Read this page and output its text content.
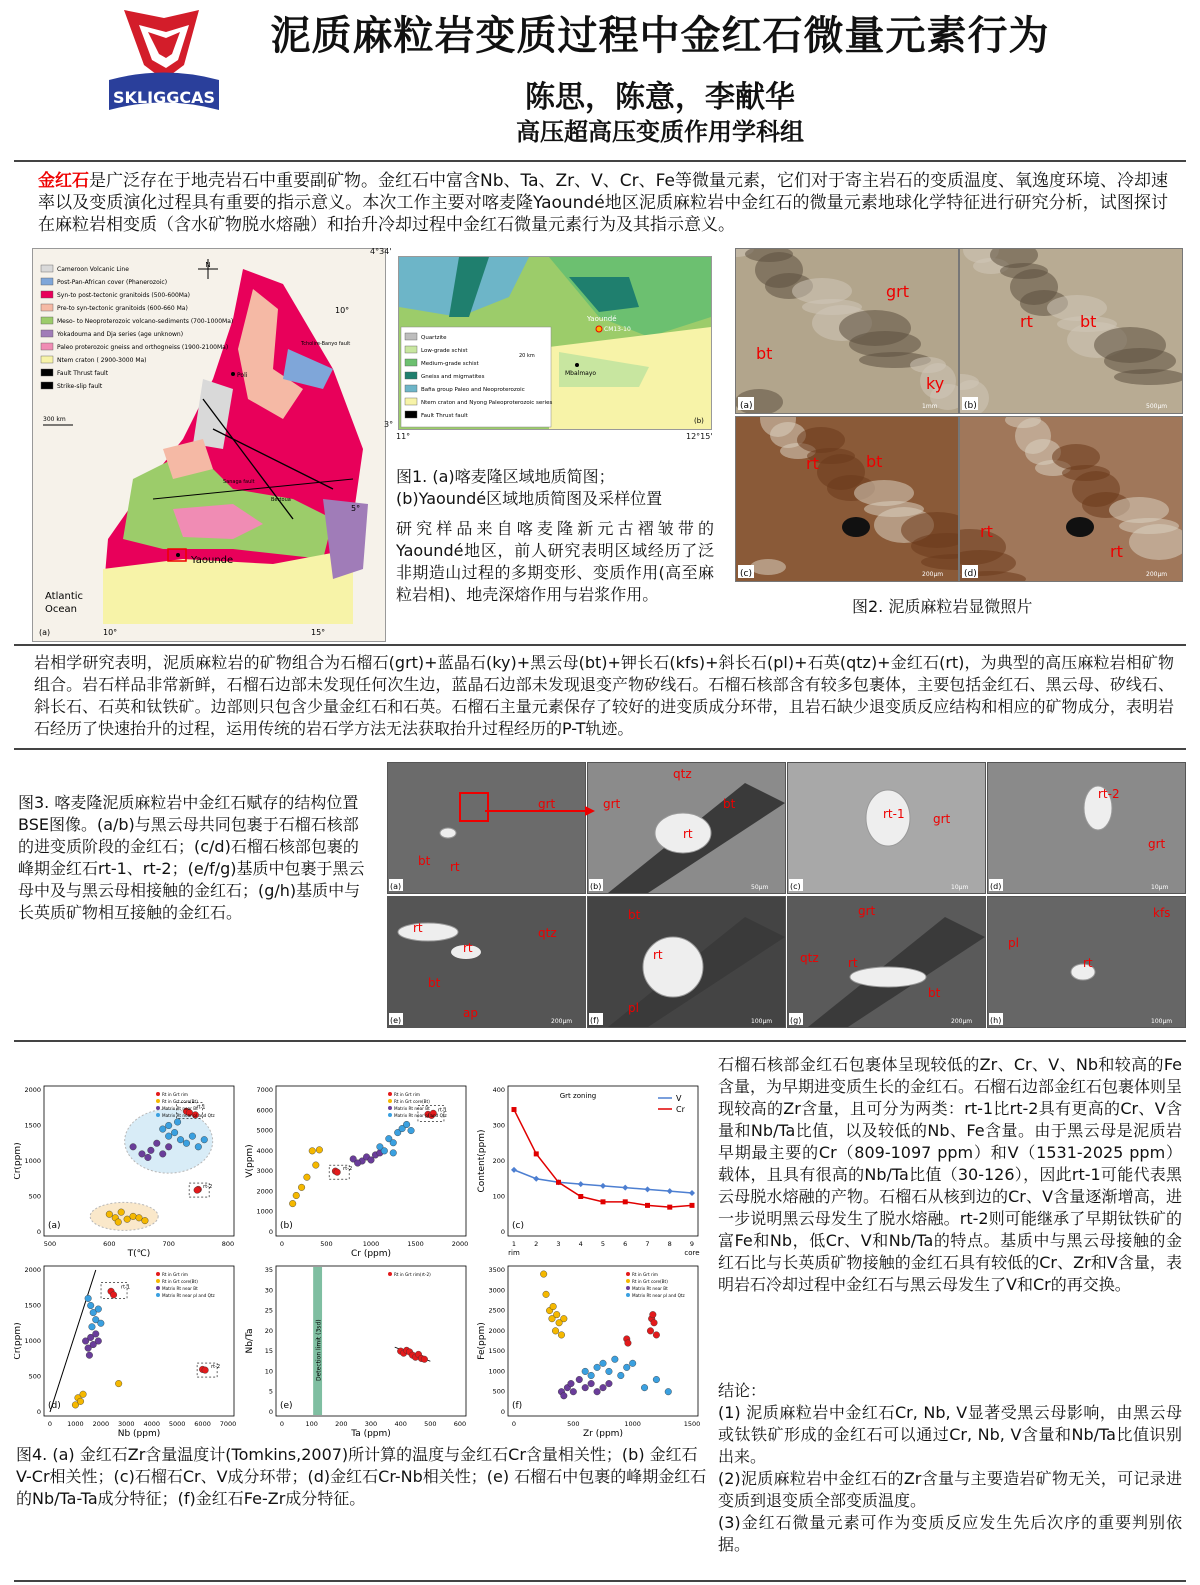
SKLIGGCAS
泥质麻粒岩变质过程中金红石微量元素行为
陈思，陈意，李献华
高压超高压变质作用学科组
金红石是广泛存在于地壳岩石中重要副矿物。金红石中富含Nb、Ta、Zr、V、Cr、Fe等微量元素，它们对于寄主岩石的变质温度、氧逸度环境、冷却速率以及变质演化过程具有重要的指示意义。本次工作主要对喀麦隆Yaoundé地区泥质麻粒岩中金红石的微量元素地球化学特征进行研究分析，试图探讨在麻粒岩相变质（含水矿物脱水熔融）和抬升冷却过程中金红石微量元素行为及其指示意义。
Cameroon Volcanic Line
Post-Pan-African cover (Phanerozoic)
Syn-to post-tectonic granitoids (500-600Ma)
Pre-to syn-tectonic granitoids (600-660 Ma)
Meso- to Neoproterozoic volcano-sediments (700-1000Ma)
Yokadouma and Dja series (age unknown)
Paleo proterozoic gneiss and orthogneiss (1900-2100Ma)
Ntem craton ( 2900-3000 Ma)
Fault Thrust fault
Strike-slip fault
N
10°
5°
10°	15°
Yaounde
Atlantic
Ocean
Poli
Tcholire-Banyo fault
Sanaga fault
Bertoua
300 km
(a)
Yaoundé
CM13-10
Mbalmayo
Quartzite
Low-grade schist
Medium-grade schist
Gneiss and migmatites
Bafia group Paleo and Neoproterozoic
Ntem craton and Nyong Paleoproterozoic series
Fault Thrust fault
20 km
(b)
4°34'
3°
11°	12°15'
图1. (a)喀麦隆区域地质简图；
(b)Yaoundé区域地质简图及采样位置
研究样品来自喀麦隆新元古褶皱带的Yaoundé地区，前人研究表明区域经历了泛非期造山过程的多期变形、变质作用(高至麻粒岩相)、地壳深熔作用与岩浆作用。
grt
bt
ky
(a)	1mm
rt	bt
(b)	500μm
rt	bt
(c)	200μm
rt
rt
(d)	200μm
图2. 泥质麻粒岩显微照片
岩相学研究表明，泥质麻粒岩的矿物组合为石榴石(grt)+蓝晶石(ky)+黑云母(bt)+钾长石(kfs)+斜长石(pl)+石英(qtz)+金红石(rt)，为典型的高压麻粒岩相矿物组合。岩石样品非常新鲜，石榴石边部未发现任何次生边，蓝晶石边部未发现退变产物矽线石。石榴石核部含有较多包裹体，主要包括金红石、黑云母、矽线石、斜长石、石英和钛铁矿。边部则只包含少量金红石和石英。石榴石主量元素保存了较好的进变质成分环带，且岩石缺少退变质反应结构和相应的矿物成分，表明岩石经历了快速抬升的过程，运用传统的岩石学方法无法获取抬升过程经历的P-T轨迹。
图3. 喀麦隆泥质麻粒岩中金红石赋存的结构位置BSE图像。(a/b)与黑云母共同包裹于石榴石核部的进变质阶段的金红石；(c/d)石榴石核部包裹的峰期金红石rt-1、rt-2；(e/f/g)基质中包裹于黑云母中及与黑云母相接触的金红石；(g/h)基质中与长英质矿物相互接触的金红石。
grt
bt rt
(a)
grt
qtz
bt
rt
(b)	50μm
rt-1 grt
(c)	10μm
rt-2
grt
(d)	10μm
rt
rt
bt
qtz
ap
(e)	200μm
bt
rt
pl
(f)	100μm
grt
qtz rt
bt
(g)	200μm
kfs
pl
rt
(h)	100μm
500	600	700	800
0
500
1000
1500
2000
T(℃)
Cr(ppm)
(a)
Rt in Grt rim
Rt in Grt core(Bt)
Matrix Rt near Bt
Matrix Rt near pl and Qtz
rt-1
rt-2
0	500	1000	1500	2000
0
1000
2000
3000
4000
5000
6000
7000
Cr (ppm)
V(ppm)
(b)
Rt in Grt rim
Rt in Grt core(Bt)
Matrix Rt near Bt
Matrix Rt near pl and Qtz
rt-1
rt-2
1	2	3	4	5	6	7	8	9
rim	core
0
100
200
300
400
Content(ppm)
(c)
Grt zoning	V
Cr
0 1000 2000 3000 4000 5000 6000 7000
0
500
1000
1500
2000
Nb (ppm)
Cr(ppm)
(d)
Rt in Grt rim
Rt in Grt core(Bt)
Matrix Rt near Bt
Matrix Rt near pl and Qtz
rt-1
rt-2
0	100	200	300	400	500	600
0
5
10
15
20
25
30
35
Ta (ppm)
Nb/Ta
(e)
Detection limit (3sd)
Rt in Grt rim(rt-2)
0	500	1000	1500
0
500
1000
1500
2000
2500
3000
3500
Zr (ppm)
Fe(ppm)
(f)
Rt in Grt rim
Rt in Grt core(Bt)
Matrix Rt near Bt
Matrix Rt near pl and Qtz
图4. (a) 金红石Zr含量温度计(Tomkins,2007)所计算的温度与金红石Cr含量相关性；(b) 金红石V-Cr相关性；(c)石榴石Cr、V成分环带；(d)金红石Cr-Nb相关性；(e) 石榴石中包裹的峰期金红石的Nb/Ta-Ta成分特征；(f)金红石Fe-Zr成分特征。
石榴石核部金红石包裹体呈现较低的Zr、Cr、V、Nb和较高的Fe含量，为早期进变质生长的金红石。石榴石边部金红石包裹体则呈现较高的Zr含量，且可分为两类：rt-1比rt-2具有更高的Cr、V含量和Nb/Ta比值，以及较低的Nb、Fe含量。由于黑云母是泥质岩早期最主要的Cr（809-1097 ppm）和V（1531-2025 ppm）载体，且具有很高的Nb/Ta比值（30-126），因此rt-1可能代表黑云母脱水熔融的产物。石榴石从核到边的Cr、V含量逐渐增高，进一步说明黑云母发生了脱水熔融。rt-2则可能继承了早期钛铁矿的富Fe和Nb，低Cr、V和Nb/Ta的特点。基质中与黑云母接触的金红石比与长英质矿物接触的金红石具有较低的Cr、Zr和V含量，表明岩石冷却过程中金红石与黑云母发生了V和Cr的再交换。
结论：
(1) 泥质麻粒岩中金红石Cr, Nb, V显著受黑云母影响，由黑云母或钛铁矿形成的金红石可以通过Cr, Nb, V含量和Nb/Ta比值识别出来。
(2)泥质麻粒岩中金红石的Zr含量与主要造岩矿物无关，可记录进变质到退变质全部变质温度。
(3)金红石微量元素可作为变质反应发生先后次序的重要判别依据。
